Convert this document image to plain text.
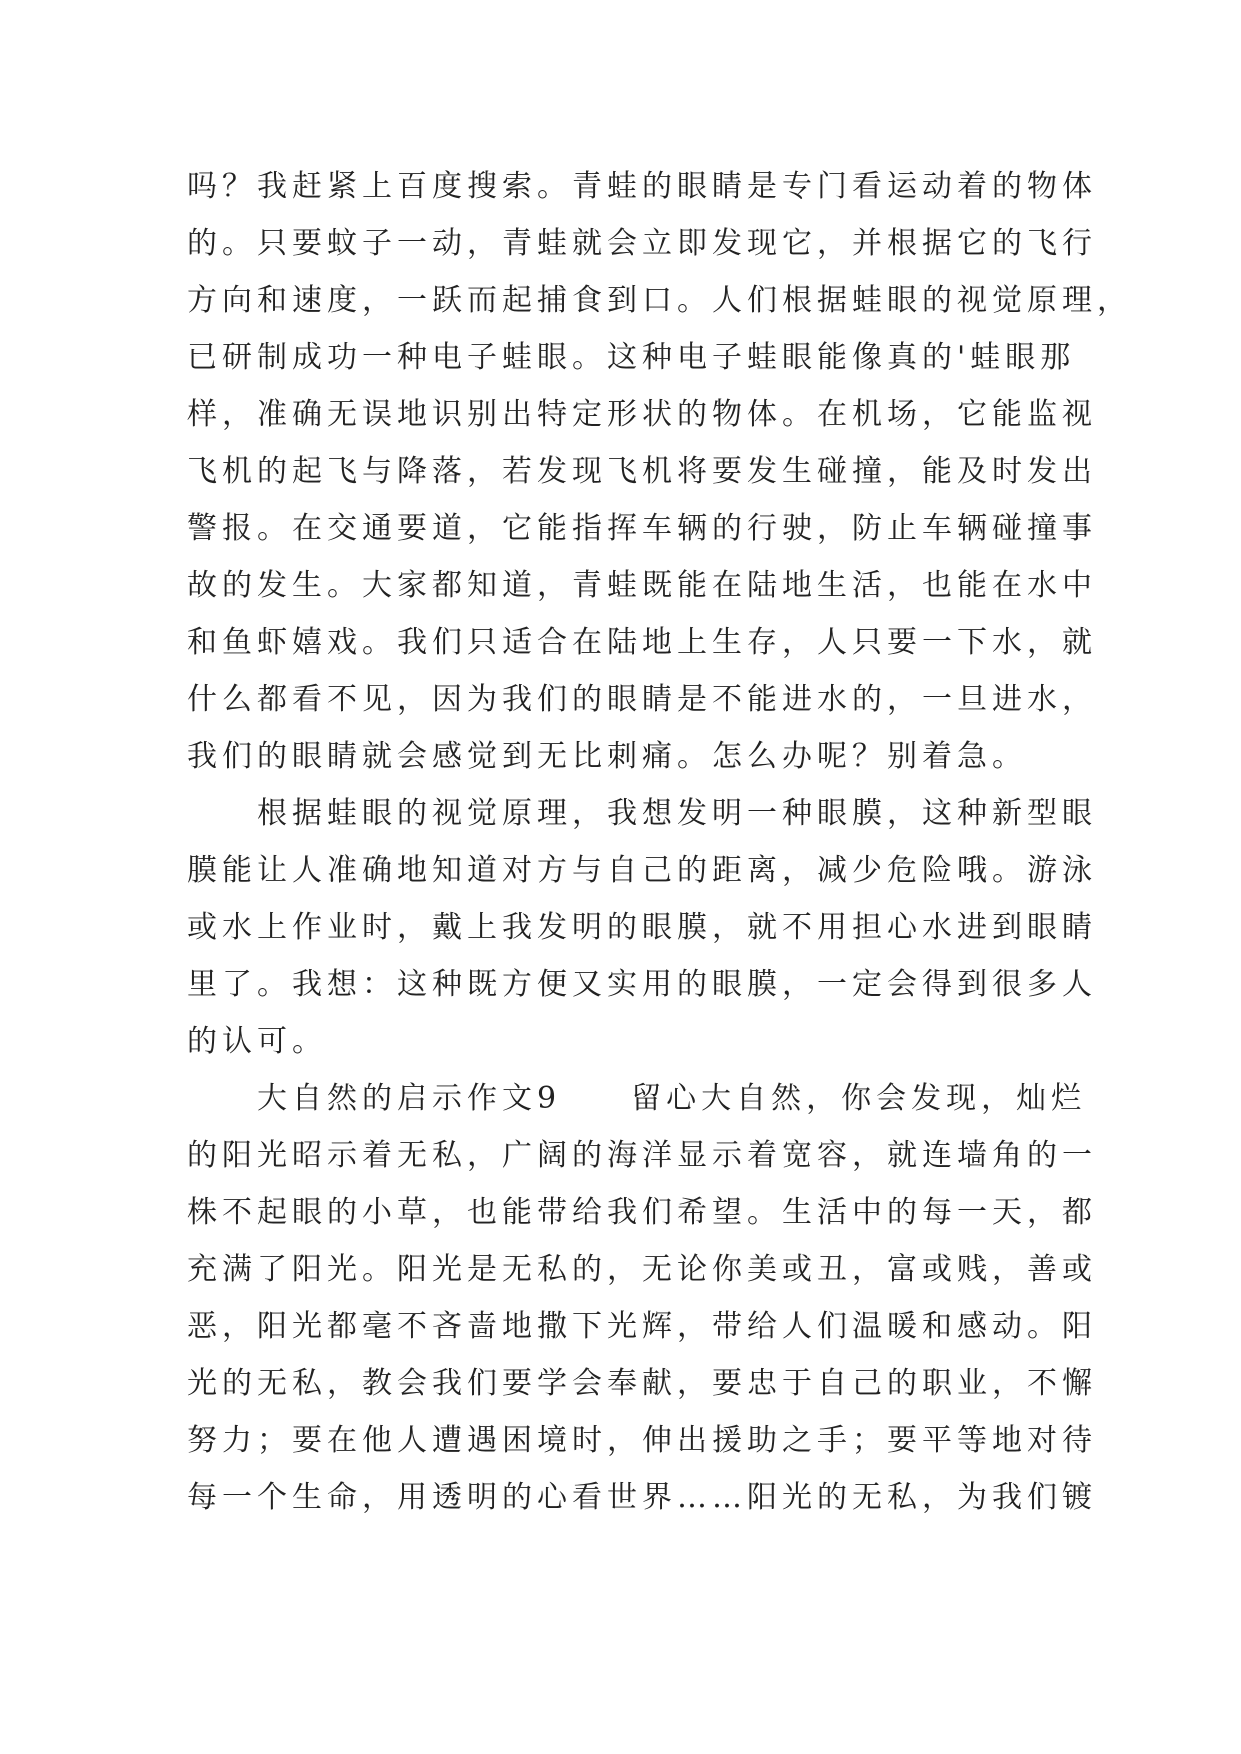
吗？我赶紧上百度搜索。青蛙的眼睛是专门看运动着的物体
的。只要蚊子一动，青蛙就会立即发现它，并根据它的飞行
方向和速度，一跃而起捕食到口。人们根据蛙眼的视觉原理，
已研制成功一种电子蛙眼。这种电子蛙眼能像真的'蛙眼那
样，准确无误地识别出特定形状的物体。在机场，它能监视
飞机的起飞与降落，若发现飞机将要发生碰撞，能及时发出
警报。在交通要道，它能指挥车辆的行驶，防止车辆碰撞事
故的发生。大家都知道，青蛙既能在陆地生活，也能在水中
和鱼虾嬉戏。我们只适合在陆地上生存，人只要一下水，就
什么都看不见，因为我们的眼睛是不能进水的，一旦进水，
我们的眼睛就会感觉到无比刺痛。怎么办呢？别着急。
　　根据蛙眼的视觉原理，我想发明一种眼膜，这种新型眼
膜能让人准确地知道对方与自己的距离，减少危险哦。游泳
或水上作业时，戴上我发明的眼膜，就不用担心水进到眼睛
里了。我想：这种既方便又实用的眼膜，一定会得到很多人
的认可。
　　大自然的启示作文9　　留心大自然，你会发现，灿烂
的阳光昭示着无私，广阔的海洋显示着宽容，就连墙角的一
株不起眼的小草，也能带给我们希望。生活中的每一天，都
充满了阳光。阳光是无私的，无论你美或丑，富或贱，善或
恶，阳光都毫不吝啬地撒下光辉，带给人们温暖和感动。阳
光的无私，教会我们要学会奉献，要忠于自己的职业，不懈
努力；要在他人遭遇困境时，伸出援助之手；要平等地对待
每一个生命，用透明的心看世界……阳光的无私，为我们镀
